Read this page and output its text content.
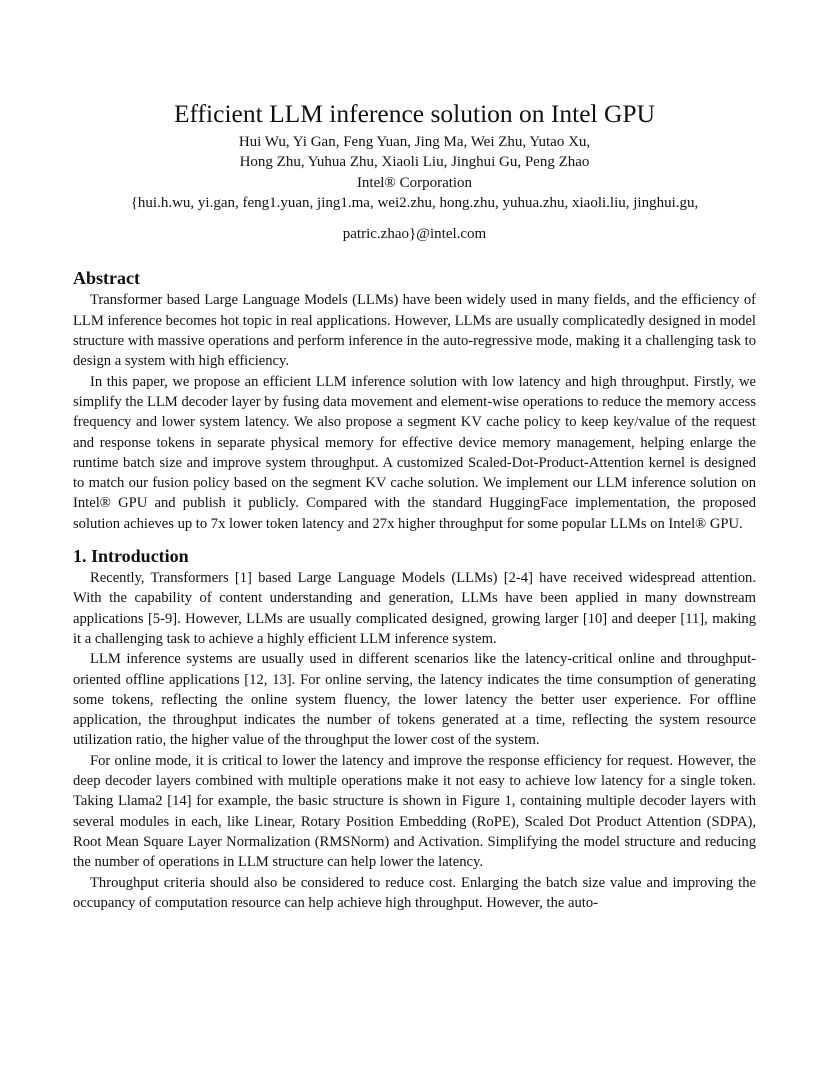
Efficient LLM inference solution on Intel GPU

Hui Wu, Yi Gan, Feng Yuan, Jing Ma, Wei Zhu, Yutao Xu,

Hong Zhu, Yuhua Zhu, Xiaoli Liu, Jinghui Gu, Peng Zhao

Intel® Corporation

{hui.h.wu, yi.gan, feng1.yuan, jing1.ma, wei2.zhu, hong.zhu, yuhua.zhu, xiaoli.liu, jinghui.gu,

patric.zhao}@intel.com

Abstract

Transformer based Large Language Models (LLMs) have been widely used in many fields, and the efficiency of LLM inference becomes hot topic in real applications. However, LLMs are usually complicatedly designed in model structure with massive operations and perform inference in the auto-regressive mode, making it a challenging task to design a system with high efficiency.

In this paper, we propose an efficient LLM inference solution with low latency and high throughput. Firstly, we simplify the LLM decoder layer by fusing data movement and element-wise operations to reduce the memory access frequency and lower system latency. We also propose a segment KV cache policy to keep key/value of the request and response tokens in separate physical memory for effective device memory management, helping enlarge the runtime batch size and improve system throughput. A customized Scaled-Dot-Product-Attention kernel is designed to match our fusion policy based on the segment KV cache solution. We implement our LLM inference solution on Intel® GPU and publish it publicly. Compared with the standard HuggingFace implementation, the proposed solution achieves up to 7x lower token latency and 27x higher throughput for some popular LLMs on Intel® GPU.

1. Introduction

Recently, Transformers [1] based Large Language Models (LLMs) [2-4] have received widespread attention. With the capability of content understanding and generation, LLMs have been applied in many downstream applications [5-9]. However, LLMs are usually complicated designed, growing larger [10] and deeper [11], making it a challenging task to achieve a highly efficient LLM inference system.

LLM inference systems are usually used in different scenarios like the latency-critical online and throughput-oriented offline applications [12, 13]. For online serving, the latency indicates the time consumption of generating some tokens, reflecting the online system fluency, the lower latency the better user experience. For offline application, the throughput indicates the number of tokens generated at a time, reflecting the system resource utilization ratio, the higher value of the throughput the lower cost of the system.

For online mode, it is critical to lower the latency and improve the response efficiency for request. However, the deep decoder layers combined with multiple operations make it not easy to achieve low latency for a single token. Taking Llama2 [14] for example, the basic structure is shown in Figure 1, containing multiple decoder layers with several modules in each, like Linear, Rotary Position Embedding (RoPE), Scaled Dot Product Attention (SDPA), Root Mean Square Layer Normalization (RMSNorm) and Activation. Simplifying the model structure and reducing the number of operations in LLM structure can help lower the latency.

Throughput criteria should also be considered to reduce cost. Enlarging the batch size value and improving the occupancy of computation resource can help achieve high throughput. However, the auto-
